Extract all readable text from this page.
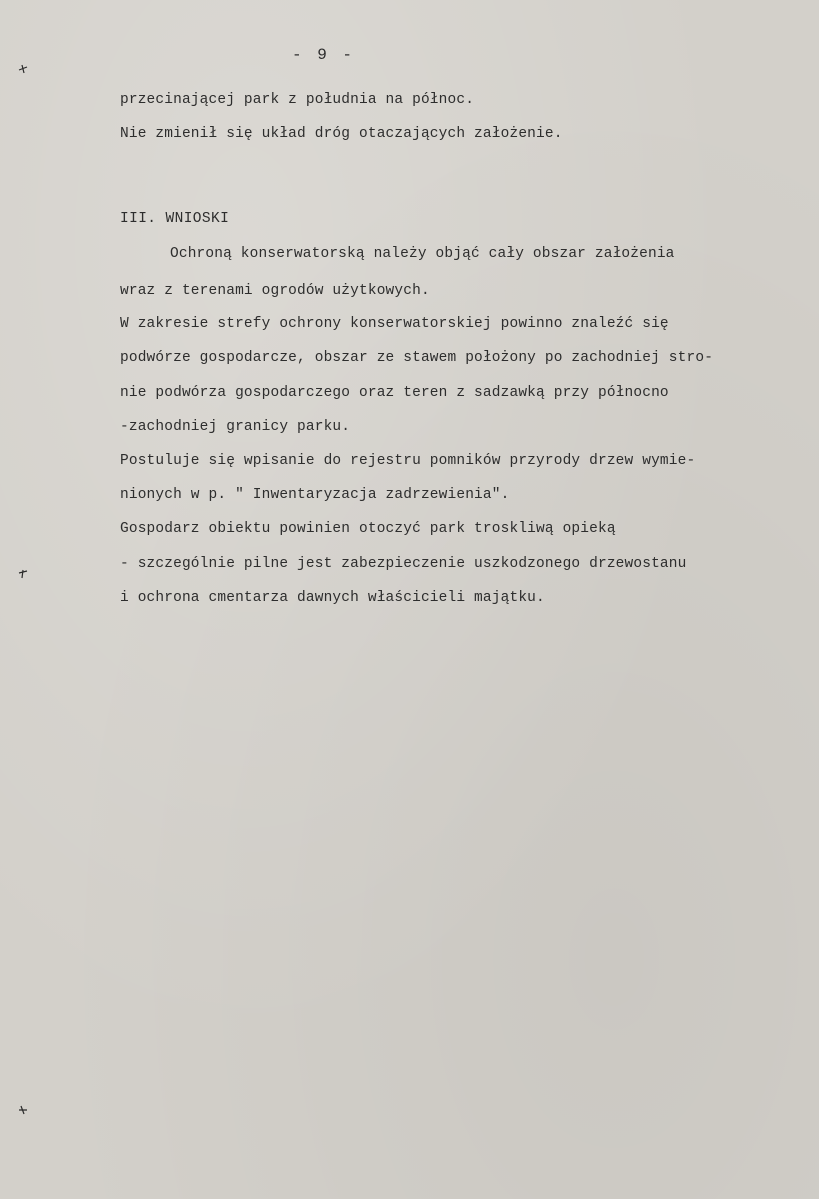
- 9 -
przecinającej park z południa na północ.
Nie zmienił się układ dróg otaczających założenie.
III. WNIOSKI
Ochroną konserwatorską należy objąć cały obszar założenia
wraz z terenami ogrodów użytkowych.
W zakresie strefy ochrony konserwatorskiej powinno znaleźć się
podwórze gospodarcze, obszar ze stawem położony po zachodniej stro-
nie podwórza gospodarczego oraz teren z sadzawką przy północno
-zachodniej granicy parku.
Postuluje się wpisanie do rejestru pomników przyrody drzew wymie-
nionych w p. " Inwentaryzacja zadrzewienia".
Gospodarz obiektu powinien otoczyć park troskliwą opieką
- szczególnie pilne jest zabezpieczenie uszkodzonego drzewostanu
i ochrona cmentarza dawnych właścicieli majątku.
